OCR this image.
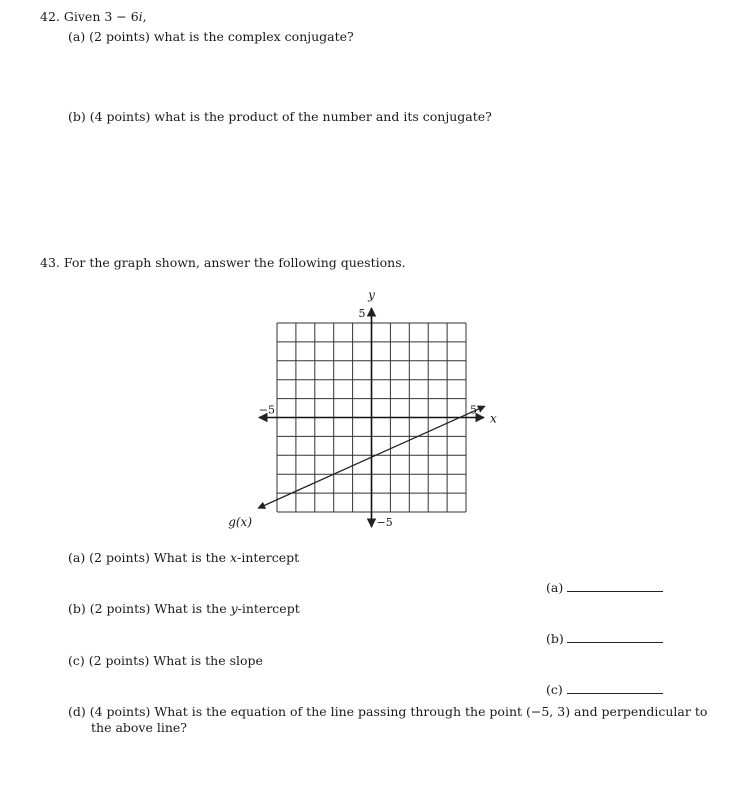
42. Given 3 − 6i,
(a) (2 points) what is the complex conjugate?
(b) (4 points) what is the product of the number and its conjugate?
43. For the graph shown, answer the following questions.
y
x
5
−5
−5	5
g(x)
(a) (2 points) What is the x-intercept
(a)
(b) (2 points) What is the y-intercept
(b)
(c) (2 points) What is the slope
(c)
(d) (4 points) What is the equation of the line passing through the point (−5, 3) and perpendicular to
the above line?
